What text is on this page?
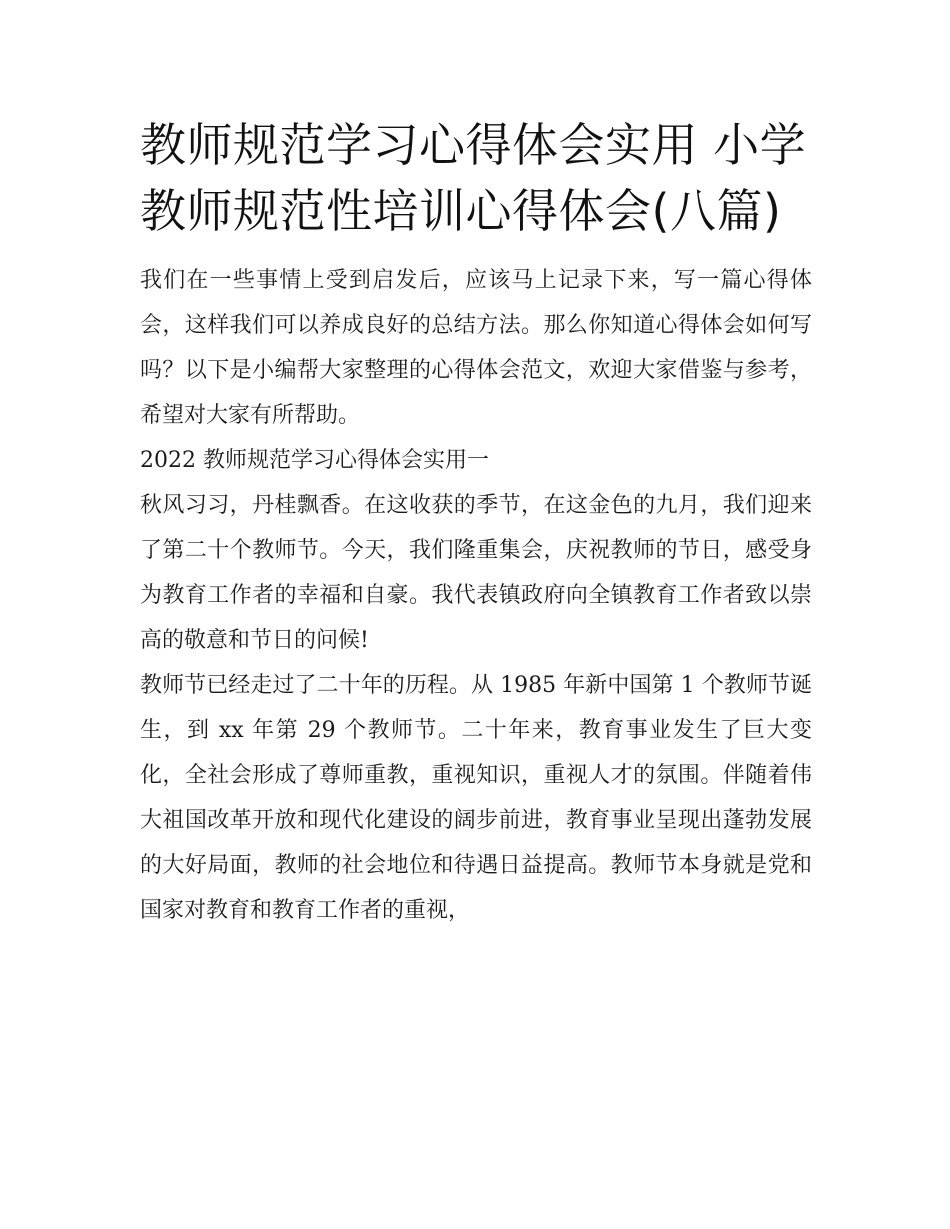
教师规范学习心得体会实用 小学教师规范性培训心得体会(八篇)

我们在一些事情上受到启发后，应该马上记录下来，写一篇心得体会，这样我们可以养成良好的总结方法。那么你知道心得体会如何写吗？以下是小编帮大家整理的心得体会范文，欢迎大家借鉴与参考，希望对大家有所帮助。

2022 教师规范学习心得体会实用一

秋风习习，丹桂飘香。在这收获的季节，在这金色的九月，我们迎来了第二十个教师节。今天，我们隆重集会，庆祝教师的节日，感受身为教育工作者的幸福和自豪。我代表镇政府向全镇教育工作者致以崇高的敬意和节日的问候!

教师节已经走过了二十年的历程。从 1985 年新中国第 1 个教师节诞生，到 xx 年第 29 个教师节。二十年来，教育事业发生了巨大变化，全社会形成了尊师重教，重视知识，重视人才的氛围。伴随着伟大祖国改革开放和现代化建设的阔步前进，教育事业呈现出蓬勃发展的大好局面，教师的社会地位和待遇日益提高。教师节本身就是党和国家对教育和教育工作者的重视，
